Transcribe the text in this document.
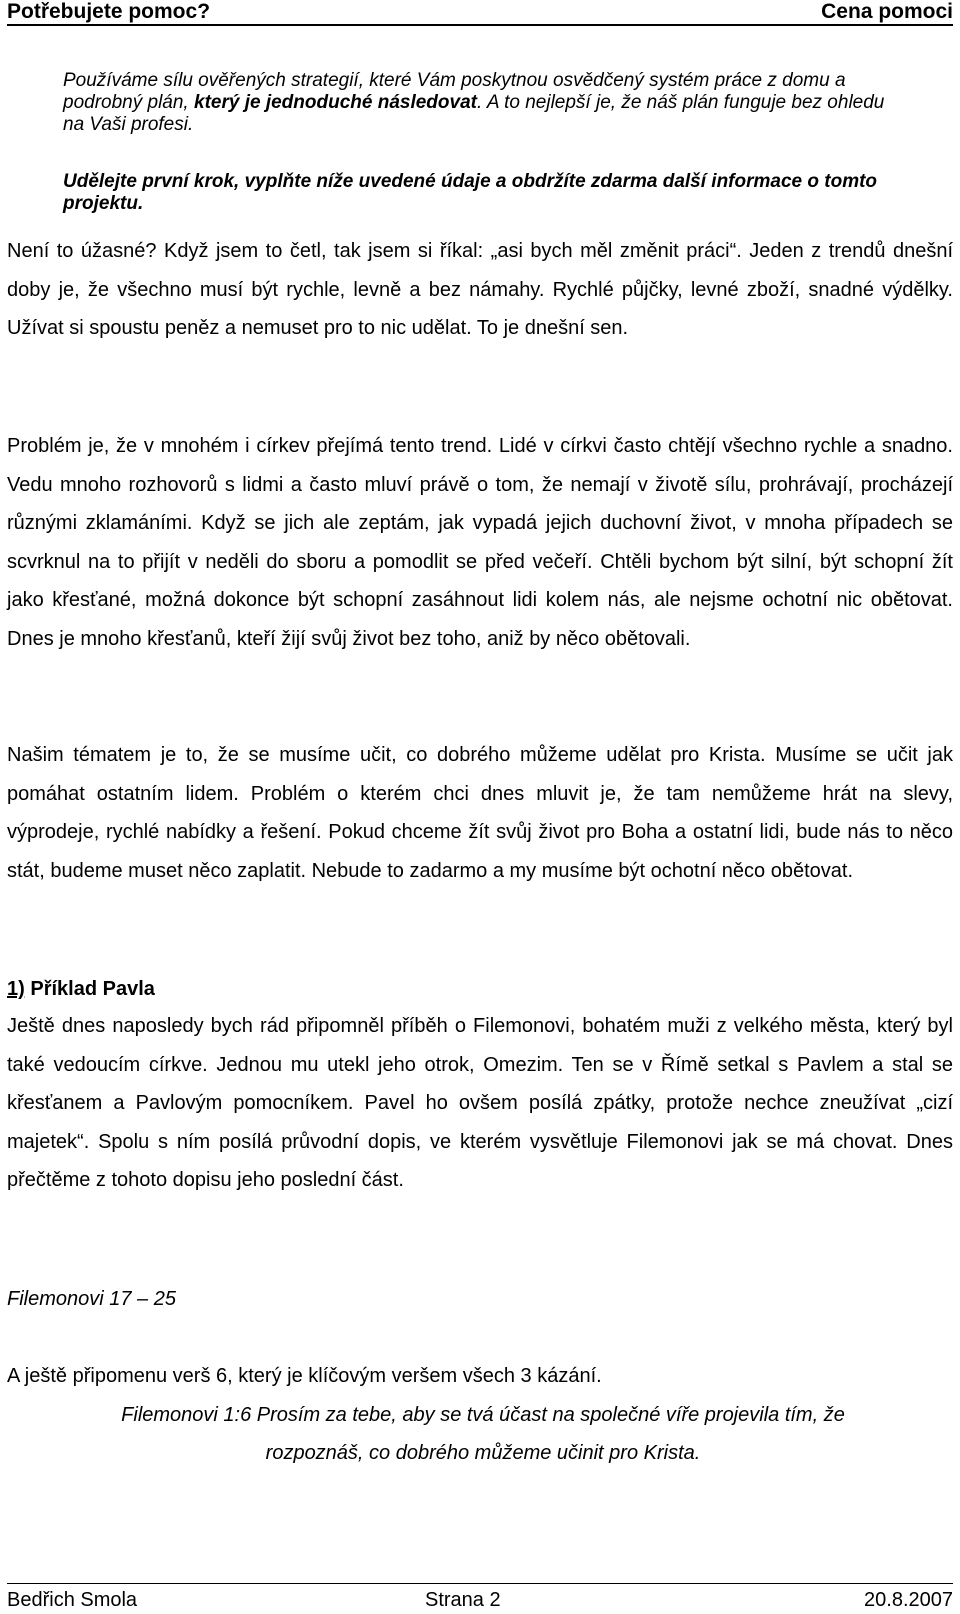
Potřebujete pomoc?	Cena pomoci

Používáme sílu ověřených strategií, které Vám poskytnou osvědčený systém práce z domu a podrobný plán, který je jednoduché následovat. A to nejlepší je, že náš plán funguje bez ohledu na Vaši profesi.

Udělejte první krok, vyplňte níže uvedené údaje a obdržíte zdarma další informace o tomto projektu.

Není to úžasné? Když jsem to četl, tak jsem si říkal: „asi bych měl změnit práci“. Jeden z trendů dnešní doby je, že všechno musí být rychle, levně a bez námahy. Rychlé půjčky, levné zboží, snadné výdělky. Užívat si spoustu peněz a nemuset pro to nic udělat. To je dnešní sen.

Problém je, že v mnohém i církev přejímá tento trend. Lidé v církvi často chtějí všechno rychle a snadno. Vedu mnoho rozhovorů s lidmi a často mluví právě o tom, že nemají v životě sílu, prohrávají, procházejí různými zklamáními. Když se jich ale zeptám, jak vypadá jejich duchovní život, v mnoha případech se scvrknul na to přijít v neděli do sboru a pomodlit se před večeří. Chtěli bychom být silní, být schopní žít jako křesťané, možná dokonce být schopní zasáhnout lidi kolem nás, ale nejsme ochotní nic obětovat. Dnes je mnoho křesťanů, kteří žijí svůj život bez toho, aniž by něco obětovali.

Našim tématem je to, že se musíme učit, co dobrého můžeme udělat pro Krista. Musíme se učit jak pomáhat ostatním lidem. Problém o kterém chci dnes mluvit je, že tam nemůžeme hrát na slevy, výprodeje, rychlé nabídky a řešení. Pokud chceme žít svůj život pro Boha a ostatní lidi, bude nás to něco stát, budeme muset něco zaplatit. Nebude to zadarmo a my musíme být ochotní něco obětovat.

1) Příklad Pavla

Ještě dnes naposledy bych rád připomněl příběh o Filemonovi, bohatém muži z velkého města, který byl také vedoucím církve. Jednou mu utekl jeho otrok, Omezim. Ten se v Římě setkal s Pavlem a stal se křesťanem a Pavlovým pomocníkem. Pavel ho ovšem posílá zpátky, protože nechce zneužívat „cizí majetek“. Spolu s ním posílá průvodní dopis, ve kterém vysvětluje Filemonovi jak se má chovat. Dnes přečtěme z tohoto dopisu jeho poslední část.

Filemonovi 17 – 25
A ještě připomenu verš 6, který je klíčovým veršem všech 3 kázání.
Filemonovi 1:6 Prosím za tebe, aby se tvá účast na společné víře projevila tím, že
rozpoznáš, co dobrého můžeme učinit pro Krista.
Bedřich Smola	Strana 2	20.8.2007
